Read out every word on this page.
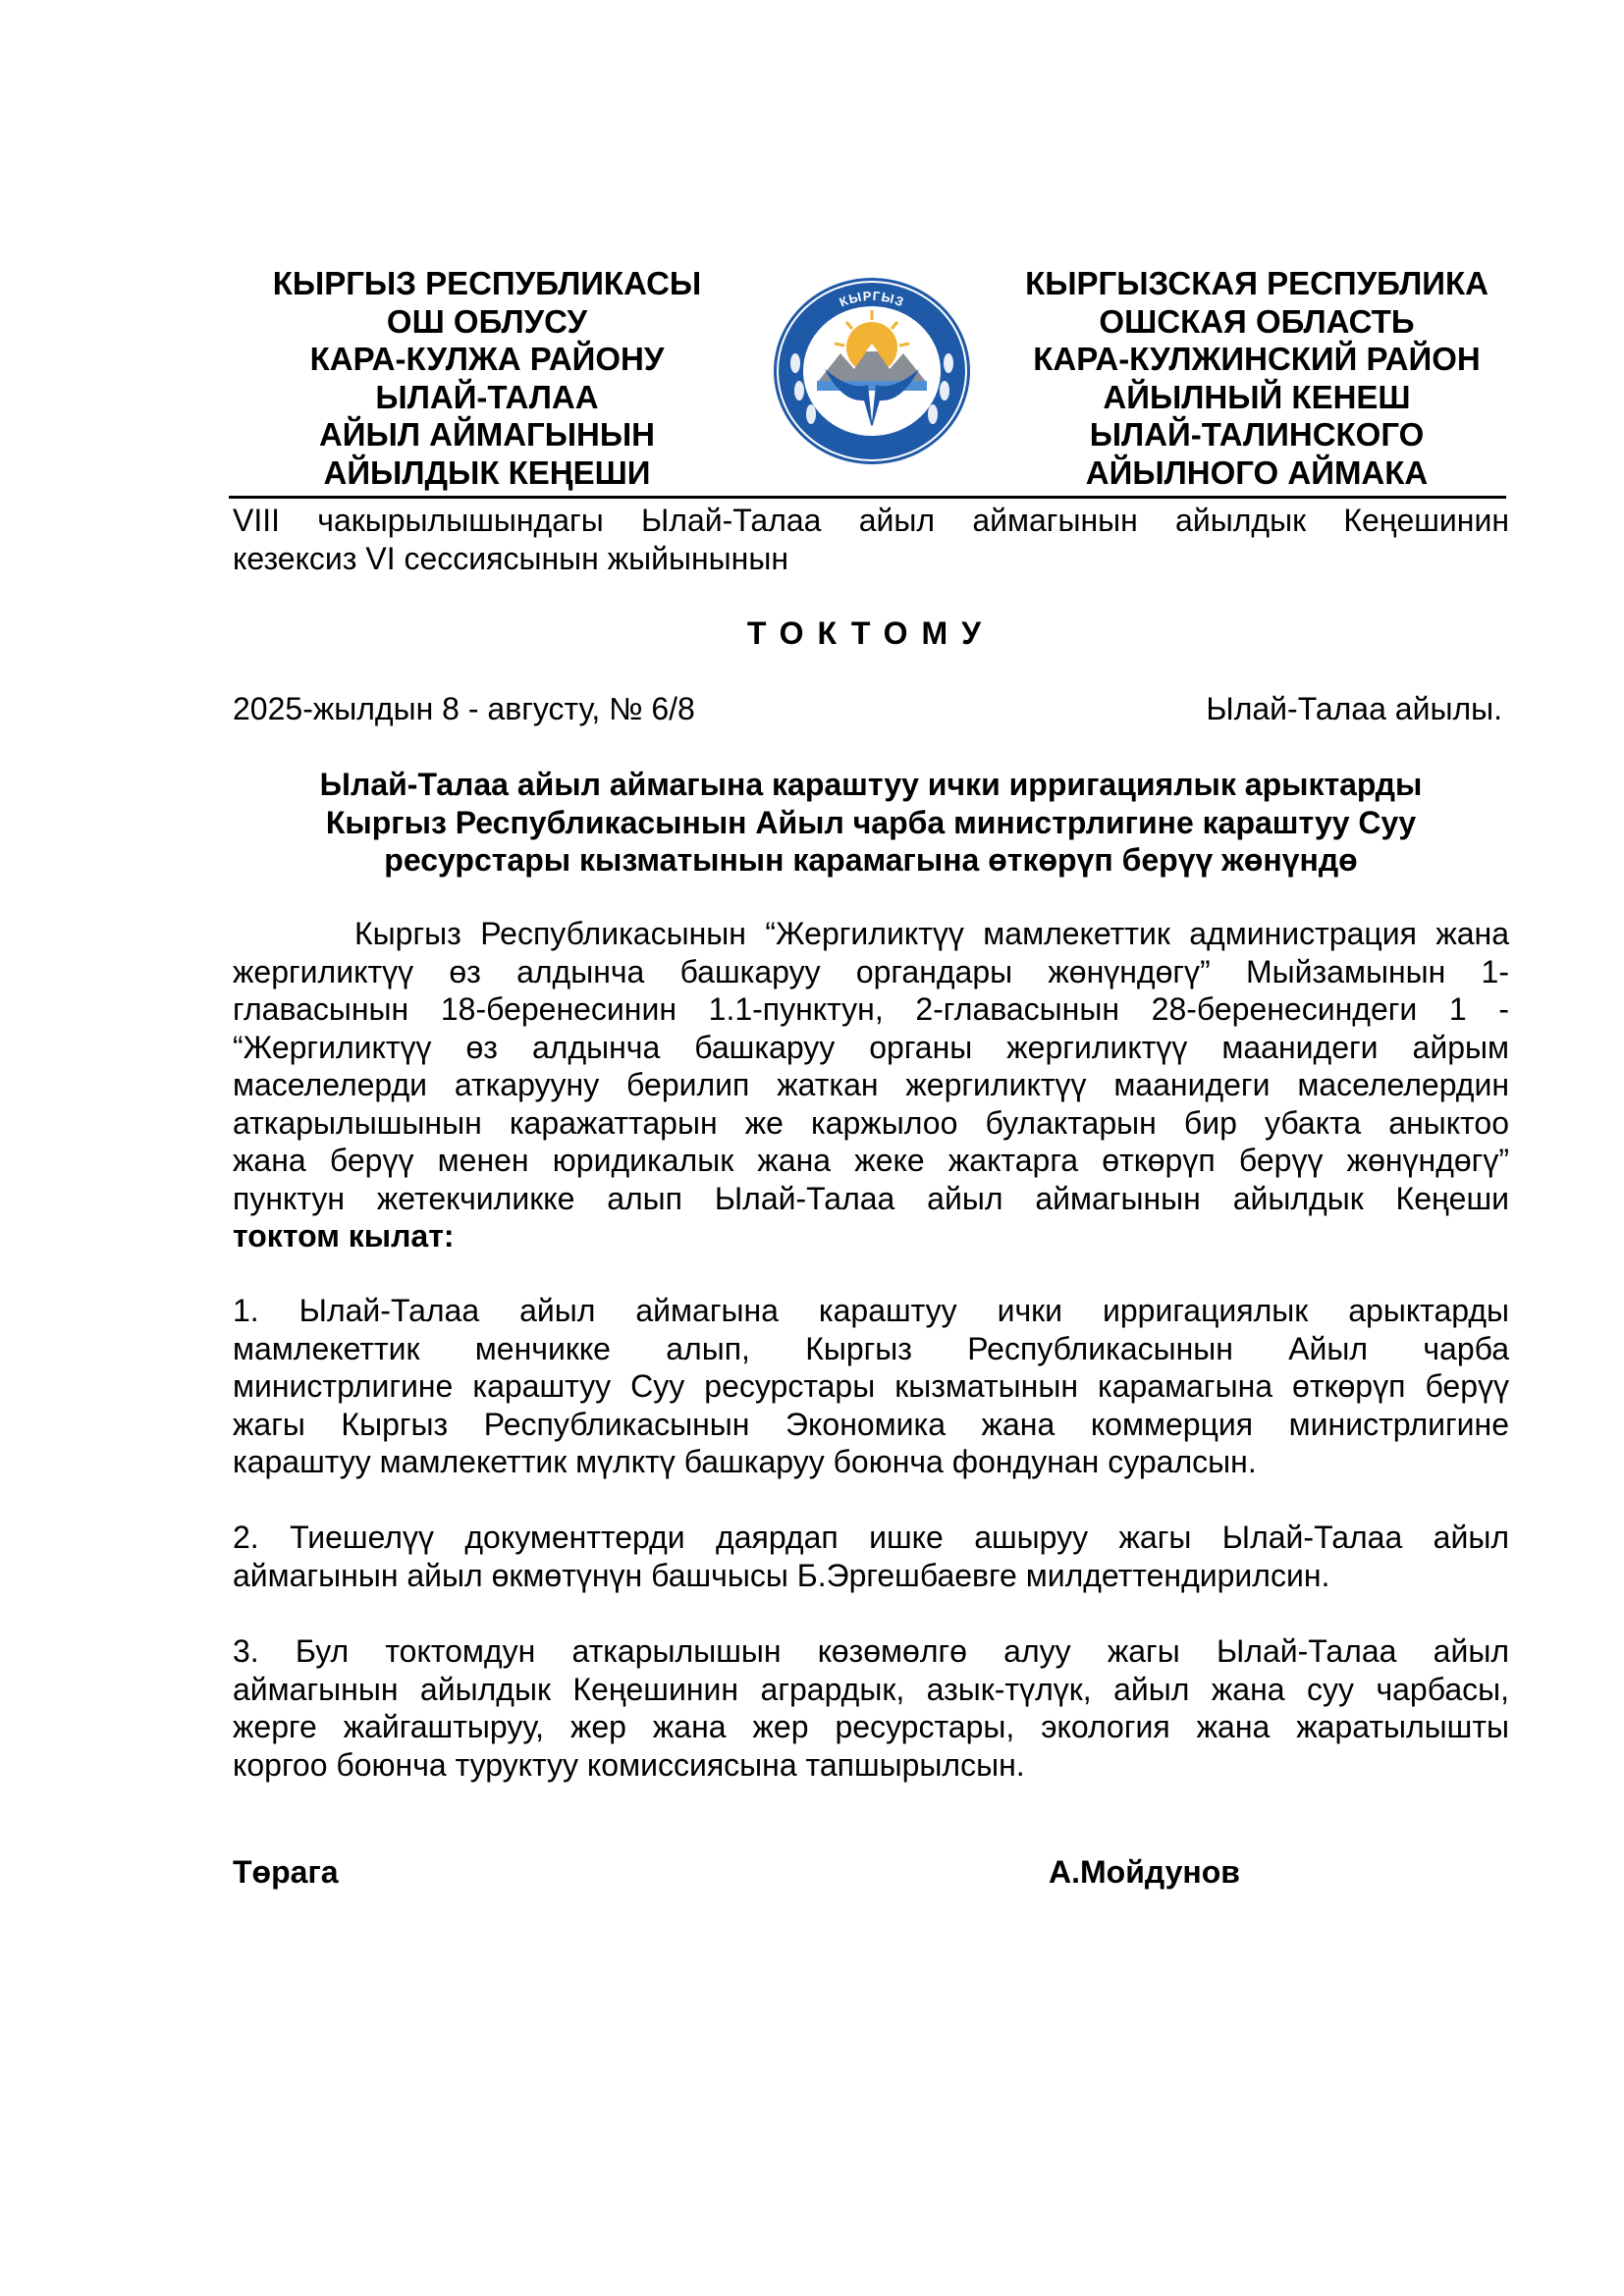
КЫРГЫЗ РЕСПУБЛИКАСЫ
ОШ ОБЛУСУ
КАРА-КУЛЖА РАЙОНУ
ЫЛАЙ-ТАЛАА
АЙЫЛ АЙМАГЫНЫН
АЙЫЛДЫК КЕҢЕШИ
КЫРГЫЗ
РЕСПУБЛИКАСЫ
КЫРГЫЗСКАЯ РЕСПУБЛИКА
ОШСКАЯ ОБЛАСТЬ
КАРА-КУЛЖИНСКИЙ РАЙОН
АЙЫЛНЫЙ КЕНЕШ
ЫЛАЙ-ТАЛИНСКОГО
АЙЫЛНОГО АЙМАКА
VIII чакырылышындагы Ылай-Талаа айыл аймагынын айылдык Кеңешинин
кезексиз VI сессиясынын жыйынынын
ТОКТОМУ
2025-жылдын 8 - августу, № 6/8	Ылай-Талаа айылы.
Ылай-Талаа айыл аймагына караштуу ички ирригациялык арыктарды
Кыргыз Республикасынын Айыл чарба министрлигине караштуу Суу
ресурстары кызматынын карамагына өткөрүп берүү жөнүндө
Кыргыз Республикасынын “Жергиликтүү мамлекеттик администрация жана
жергиликтүү өз алдынча башкаруу органдары жөнүндөгү” Мыйзамынын 1-
главасынын 18-беренесинин 1.1-пунктун, 2-главасынын 28-беренесиндеги 1 -
“Жергиликтүү өз алдынча башкаруу органы жергиликтүү маанидеги айрым
маселелерди аткарууну берилип жаткан жергиликтүү маанидеги маселелердин
аткарылышынын каражаттарын же каржылоо булактарын бир убакта аныктоо
жана берүү менен юридикалык жана жеке жактарга өткөрүп берүү жөнүндөгү”
пунктун жетекчиликке алып Ылай-Талаа айыл аймагынын айылдык Кеңеши
токтом кылат:
1. Ылай-Талаа айыл аймагына караштуу ички ирригациялык арыктарды
мамлекеттик менчикке алып, Кыргыз Республикасынын Айыл чарба
министрлигине караштуу Суу ресурстары кызматынын карамагына өткөрүп берүү
жагы Кыргыз Республикасынын Экономика жана коммерция министрлигине
караштуу мамлекеттик мүлктү башкаруу боюнча фондунан суралсын.
2. Тиешелүү документтерди даярдап ишке ашыруу жагы Ылай-Талаа айыл
аймагынын айыл өкмөтүнүн башчысы Б.Эргешбаевге милдеттендирилсин.
3. Бул токтомдун аткарылышын көзөмөлгө алуу жагы Ылай-Талаа айыл
аймагынын айылдык Кеңешинин агрардык, азык-түлүк, айыл жана суу чарбасы,
жерге жайгаштыруу, жер жана жер ресурстары, экология жана жаратылышты
коргоо боюнча туруктуу комиссиясына тапшырылсын.
Төрага	А.Мойдунов
